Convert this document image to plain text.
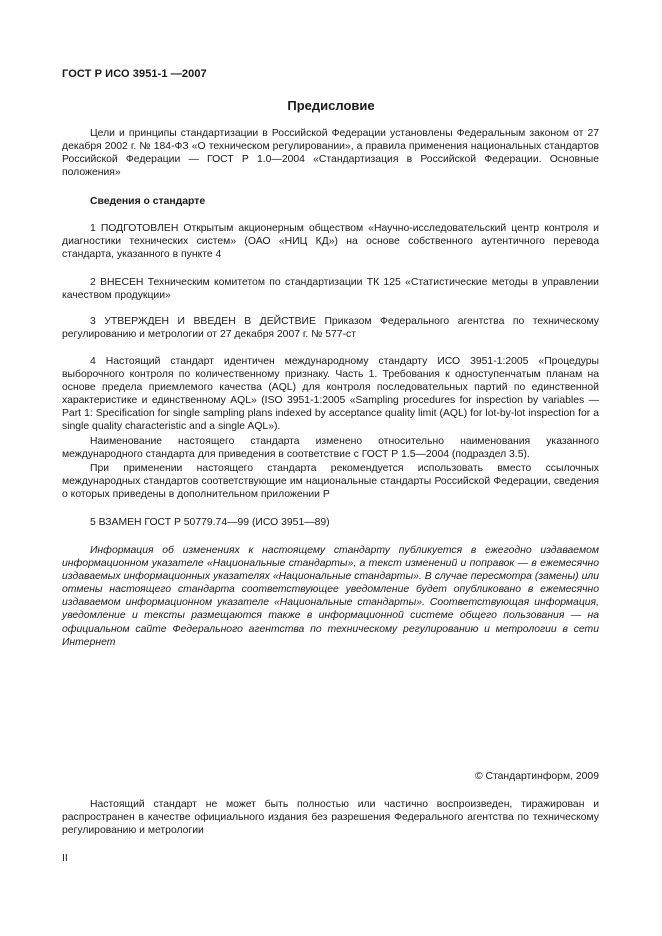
ГОСТ Р ИСО 3951-1 —2007
Предисловие

Цели и принципы стандартизации в Российской Федерации установлены Федеральным законом от 27 декабря 2002 г. № 184-ФЗ «О техническом регулировании», а правила применения национальных стандартов Российской Федерации — ГОСТ Р 1.0—2004 «Стандартизация в Российской Федерации. Основные положения»

Сведения о стандарте

1 ПОДГОТОВЛЕН Открытым акционерным обществом «Научно-исследовательский центр контроля и диагностики технических систем» (ОАО «НИЦ КД») на основе собственного аутентичного перевода стандарта, указанного в пункте 4

2 ВНЕСЕН Техническим комитетом по стандартизации ТК 125 «Статистические методы в управлении качеством продукции»

3 УТВЕРЖДЕН И ВВЕДЕН В ДЕЙСТВИЕ Приказом Федерального агентства по техническому регулированию и метрологии от 27 декабря 2007 г. № 577-ст

4 Настоящий стандарт идентичен международному стандарту ИСО 3951-1:2005 «Процедуры выборочного контроля по количественному признаку. Часть 1. Требования к одноступенчатым планам на основе предела приемлемого качества (AQL) для контроля последовательных партий по единственной характеристике и единственному AQL» (ISO 3951-1:2005 «Sampling procedures for inspection by variables — Part 1: Specification for single sampling plans indexed by acceptance quality limit (AQL) for lot-by-lot inspection for a single quality characteristic and a single AQL»).

Наименование настоящего стандарта изменено относительно наименования указанного международного стандарта для приведения в соответствие с ГОСТ Р 1.5—2004 (подраздел 3.5).

При применении настоящего стандарта рекомендуется использовать вместо ссылочных международных стандартов соответствующие им национальные стандарты Российской Федерации, сведения о которых приведены в дополнительном приложении Р

5 ВЗАМЕН ГОСТ Р 50779.74—99 (ИСО 3951—89)

Информация об изменениях к настоящему стандарту публикуется в ежегодно издаваемом информационном указателе «Национальные стандарты», а текст изменений и поправок — в ежемесячно издаваемых информационных указателях «Национальные стандарты». В случае пересмотра (замены) или отмены настоящего стандарта соответствующее уведомление будет опубликовано в ежемесячно издаваемом информационном указателе «Национальные стандарты». Соответствующая информация, уведомление и тексты размещаются также в информационной системе общего пользования — на официальном сайте Федерального агентства по техническому регулированию и метрологии в сети Интернет

© Стандартинформ, 2009

Настоящий стандарт не может быть полностью или частично воспроизведен, тиражирован и распространен в качестве официального издания без разрешения Федерального агентства по техническому регулированию и метрологии

II
